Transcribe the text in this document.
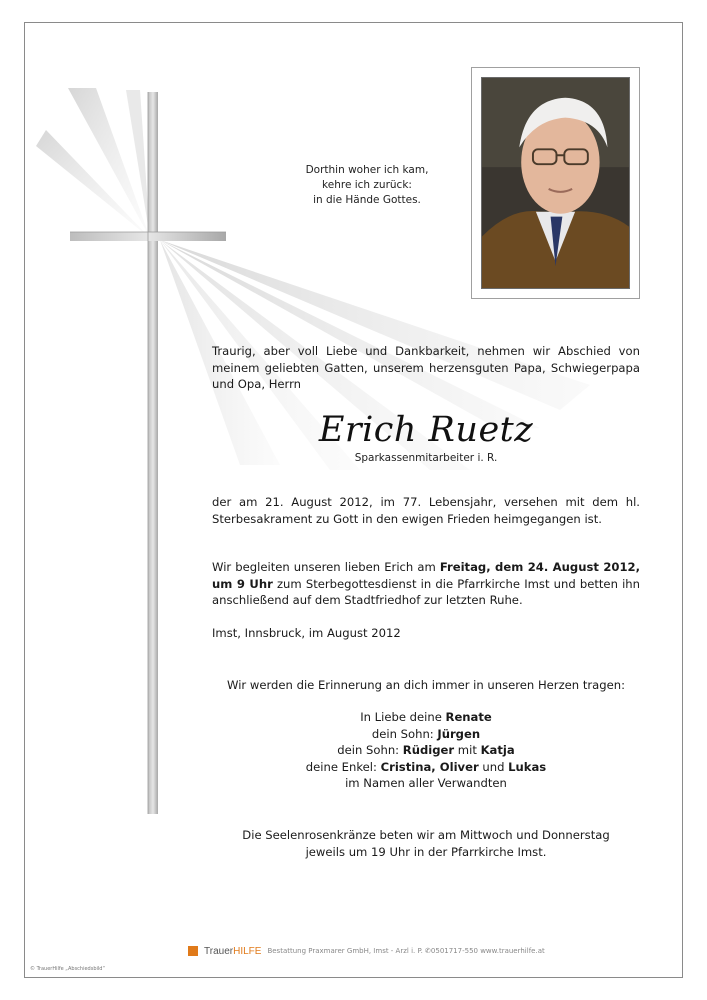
Dorthin woher ich kam,
kehre ich zurück:
in die Hände Gottes.
Traurig, aber voll Liebe und Dankbarkeit, nehmen wir Abschied von meinem geliebten Gatten, unserem herzensguten Papa, Schwiegerpapa und Opa, Herrn
Erich Ruetz
Sparkassenmitarbeiter i. R.
der am 21. August 2012, im 77. Lebensjahr, versehen mit dem hl. Sterbesakrament zu Gott in den ewigen Frieden heimgegangen ist.
Wir begleiten unseren lieben Erich am Freitag, dem 24. August 2012, um 9 Uhr zum Sterbegottesdienst in die Pfarrkirche Imst und betten ihn anschließend auf dem Stadtfriedhof zur letzten Ruhe.
Imst, Innsbruck, im August 2012
Wir werden die Erinnerung an dich immer in unseren Herzen tragen:
In Liebe deine Renate
dein Sohn: Jürgen
dein Sohn: Rüdiger mit Katja
deine Enkel: Cristina, Oliver und Lukas
im Namen aller Verwandten
Die Seelenrosenkränze beten wir am Mittwoch und Donnerstag
jeweils um 19 Uhr in der Pfarrkirche Imst.
TrauerHILFE Bestattung Praxmarer GmbH, Imst - Arzl i. P. ✆0501717-550 www.trauerhilfe.at
© TrauerHilfe „Abschiedsbild“
